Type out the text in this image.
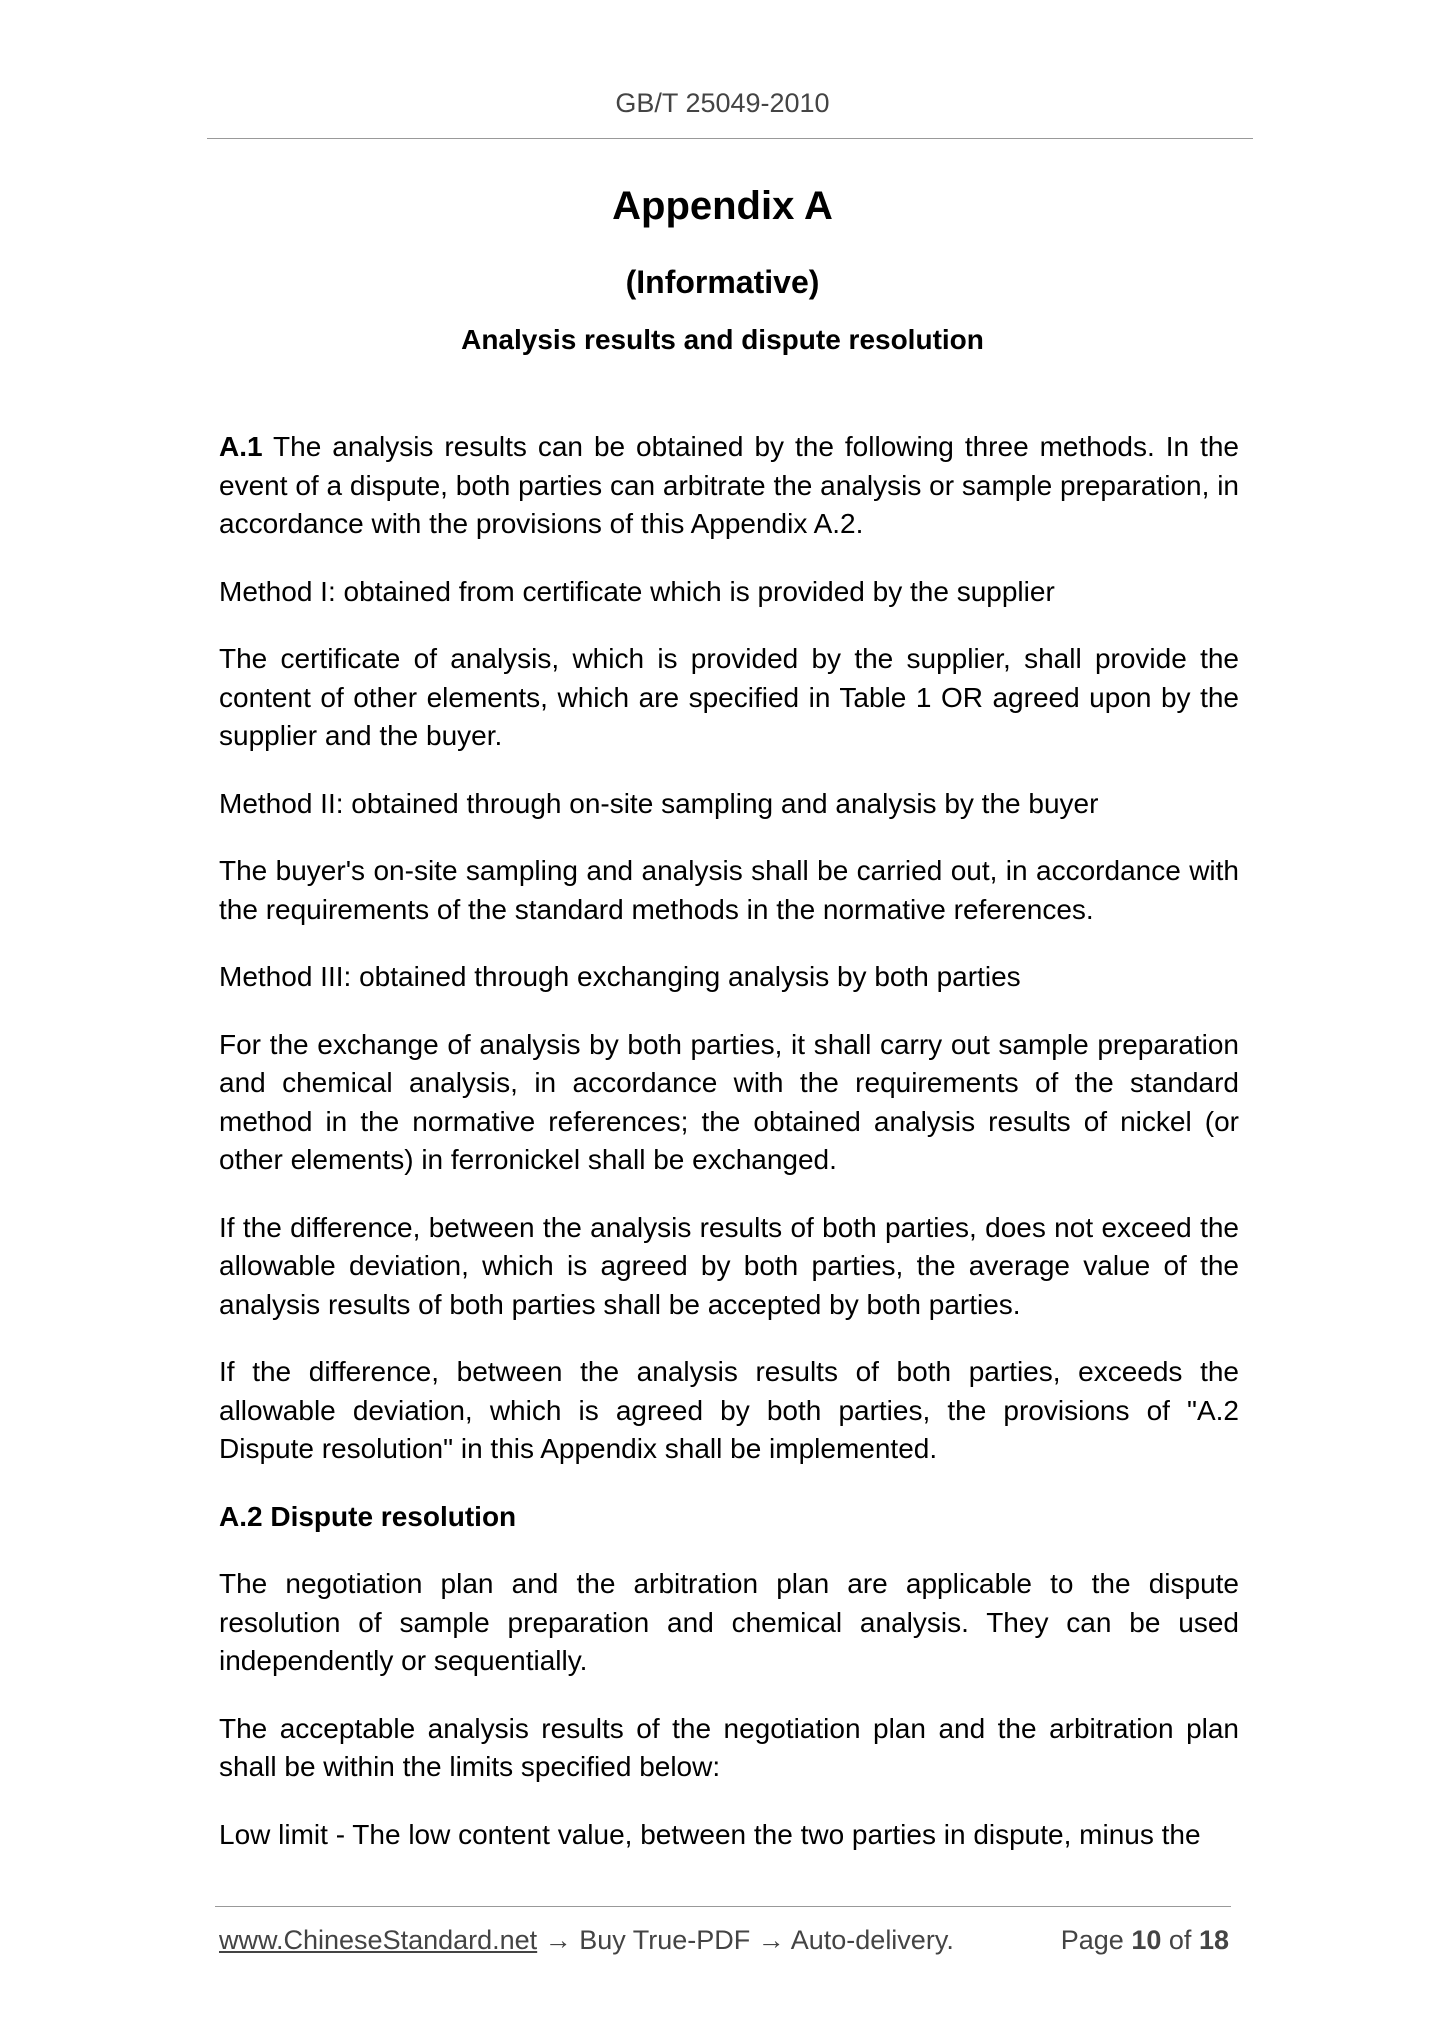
GB/T 25049-2010
Appendix A
(Informative)
Analysis results and dispute resolution

A.1 The analysis results can be obtained by the following three methods. In the event of a dispute, both parties can arbitrate the analysis or sample preparation, in accordance with the provisions of this Appendix A.2.

Method I: obtained from certificate which is provided by the supplier

The certificate of analysis, which is provided by the supplier, shall provide the content of other elements, which are specified in Table 1 OR agreed upon by the supplier and the buyer.

Method II: obtained through on-site sampling and analysis by the buyer

The buyer's on-site sampling and analysis shall be carried out, in accordance with the requirements of the standard methods in the normative references.

Method III: obtained through exchanging analysis by both parties

For the exchange of analysis by both parties, it shall carry out sample preparation and chemical analysis, in accordance with the requirements of the standard method in the normative references; the obtained analysis results of nickel (or other elements) in ferronickel shall be exchanged.

If the difference, between the analysis results of both parties, does not exceed the allowable deviation, which is agreed by both parties, the average value of the analysis results of both parties shall be accepted by both parties.

If the difference, between the analysis results of both parties, exceeds the allowable deviation, which is agreed by both parties, the provisions of "A.2 Dispute resolution" in this Appendix shall be implemented.

A.2 Dispute resolution

The negotiation plan and the arbitration plan are applicable to the dispute resolution of sample preparation and chemical analysis. They can be used independently or sequentially.

The acceptable analysis results of the negotiation plan and the arbitration plan shall be within the limits specified below:

Low limit - The low content value, between the two parties in dispute, minus the

www.ChineseStandard.net → Buy True-PDF → Auto-delivery.	Page 10 of 18
